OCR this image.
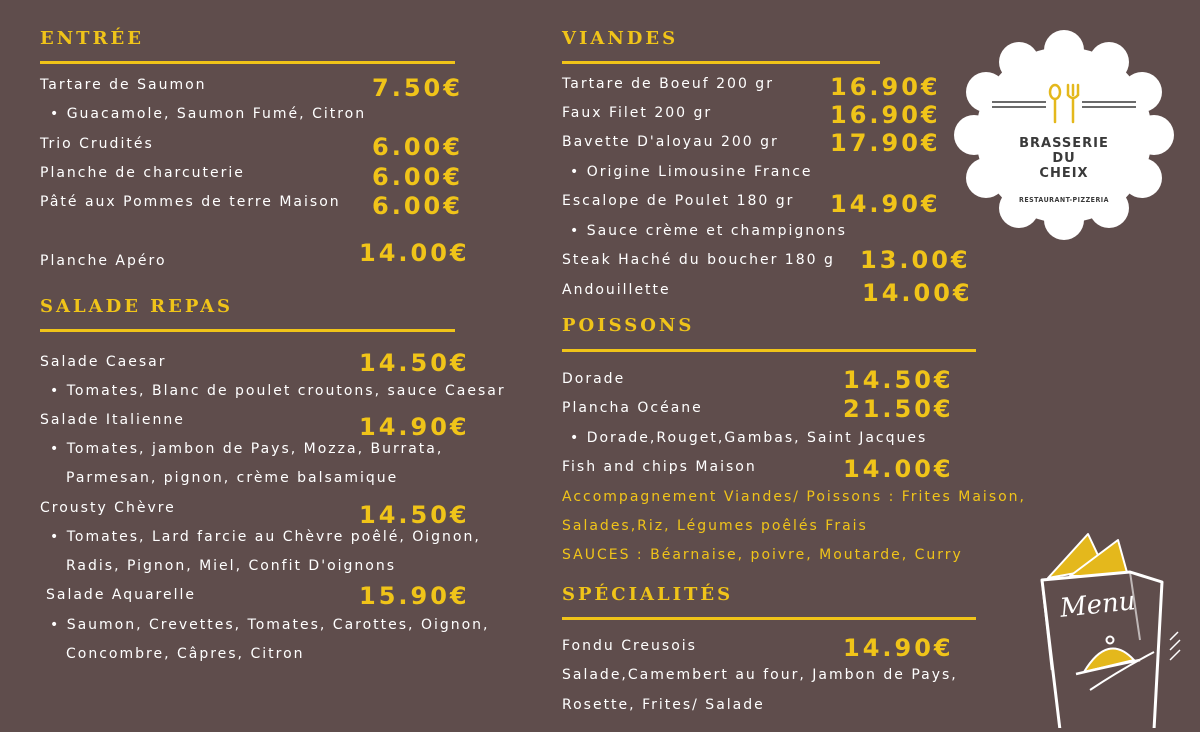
ENTRÉE
Tartare de Saumon	7.50€
• Guacamole, Saumon Fumé, Citron
Trio Crudités	6.00€
Planche de charcuterie	6.00€
Pâté aux Pommes de terre Maison 6.00€
Planche Apéro	14.00€
SALADE REPAS
Salade Caesar	14.50€
• Tomates, Blanc de poulet croutons, sauce Caesar
Salade Italienne	14.90€
• Tomates, jambon de Pays, Mozza, Burrata,
Parmesan, pignon, crème balsamique
Crousty Chèvre	14.50€
• Tomates, Lard farcie au Chèvre poêlé, Oignon,
Radis, Pignon, Miel, Confit D'oignons
Salade Aquarelle	15.90€
• Saumon, Crevettes, Tomates, Carottes, Oignon,
Concombre, Câpres, Citron
VIANDES
Tartare de Boeuf 200 gr 16.90€
Faux Filet 200 gr	16.90€
Bavette D'aloyau 200 gr 17.90€
• Origine Limousine France
Escalope de Poulet 180 gr 14.90€
• Sauce crème et champignons
Steak Haché du boucher 180 g 13.00€
Andouillette	14.00€
POISSONS
Dorade	14.50€
Plancha Océane	21.50€
• Dorade,Rouget,Gambas, Saint Jacques
Fish and chips Maison	14.00€
Accompagnement Viandes/ Poissons : Frites Maison,
Salades,Riz, Légumes poêlés Frais
SAUCES : Béarnaise, poivre, Moutarde, Curry
SPÉCIALITÉS
Fondu Creusois	14.90€
Salade,Camembert au four, Jambon de Pays,
Rosette, Frites/ Salade
BRASSERIE
DU
CHEIX
RESTAURANT-PIZZERIA
Menu
